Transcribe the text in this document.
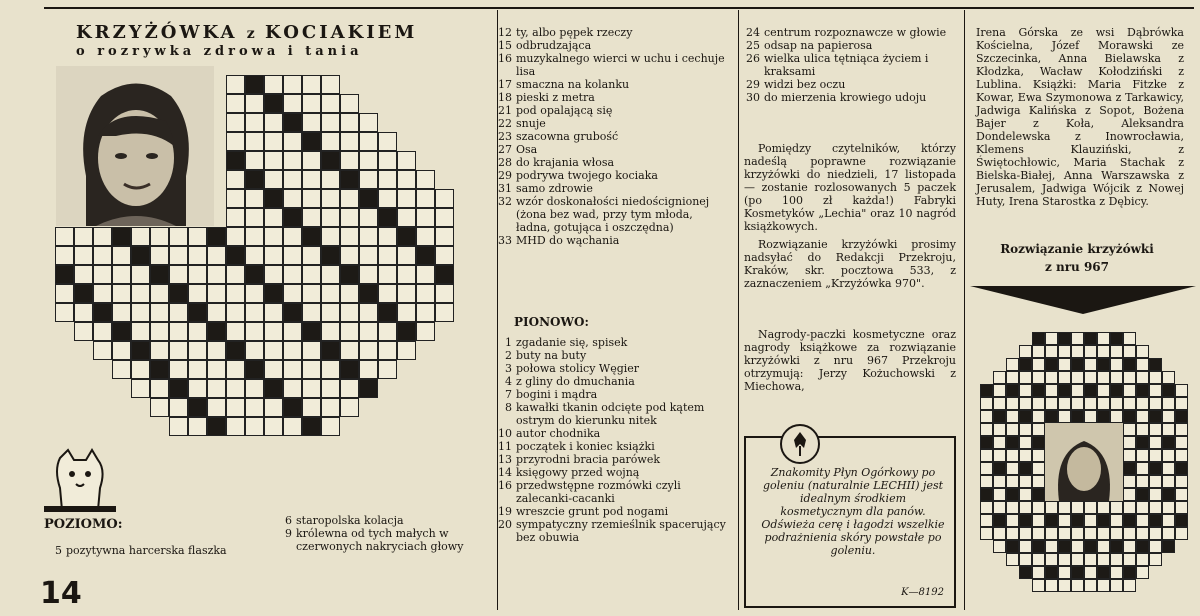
KRZYŻÓWKA z KOCIAKIEM
o rozrywka zdrowa i tania
POZIOMO:
5 pozytywna harcerska flaszka
6 staropolska kolacja
9 królewna od tych małych w czerwonych nakryciach głowy
12 ty, albo pępek rzeczy
15 odbrudzająca
16 muzykalnego wierci w uchu i cechuje lisa
17 smaczna na kolanku
18 pieski z metra
21 pod opalającą się
22 snuje
23 szacowna grubość
27 Osa
28 do krajania włosa
29 podrywa twojego kociaka
31 samo zdrowie
32 wzór doskonałości niedoścignionej (żona bez wad, przy tym młoda, ładna, gotująca i oszczędna)
33 MHD do wąchania
PIONOWO:
1 zgadanie się, spisek
2 buty na buty
3 połowa stolicy Węgier
4 z gliny do dmuchania
7 bogini i mądra
8 kawałki tkanin odcięte pod kątem ostrym do kierunku nitek
10 autor chodnika
11 początek i koniec książki
13 przyrodni bracia parówek
14 księgowy przed wojną
16 przedwstępne rozmówki czyli zalecanki-cacanki
19 wreszcie grunt pod nogami
20 sympatyczny rzemieślnik spacerujący bez obuwia
24 centrum rozpoznawcze w głowie
25 odsap na papierosa
26 wielka ulica tętniąca życiem i kraksami
29 widzi bez oczu
30 do mierzenia krowiego udoju
Pomiędzy czytelników, którzy nadeślą poprawne rozwiązanie krzyżówki do niedzieli, 17 listopada — zostanie rozlosowanych 5 paczek (po 100 zł każda!) Fabryki Kosmetyków „Lechia" oraz 10 nagród książkowych.
Rozwiązanie krzyżówki prosimy nadsyłać do Redakcji Przekroju, Kraków, skr. pocztowa 533, z zaznaczeniem „Krzyżówka 970".
Nagrody-paczki kosmetyczne oraz nagrody książkowe za rozwiązanie krzyżówki z nru 967 Przekroju otrzymują: Jerzy Kożuchowski z Miechowa,
Znakomity Płyn Ogórkowy po goleniu (naturalnie LECHII) jest idealnym środkiem kosmetycznym dla panów. Odświeża cerę i łagodzi wszelkie podrażnienia skóry powstałe po goleniu.
K—8192
Irena Górska ze wsi Dąbrówka Kościelna, Józef Morawski ze Szczecinka, Anna Bielawska z Kłodzka, Wacław Kołodziński z Lublina. Książki: Maria Fitzke z Kowar, Ewa Szymonowa z Tarkawicy, Jadwiga Kalińska z Sopot, Bożena Bajer z Koła, Aleksandra Dondelewska z Inowrocławia, Klemens Klauziński, z Świętochłowic, Maria Stachak z Bielska-Białej, Anna Warszawska z Jerusalem, Jadwiga Wójcik z Nowej Huty, Irena Starostka z Dębicy.
Rozwiązanie krzyżówki
z nru 967
14
